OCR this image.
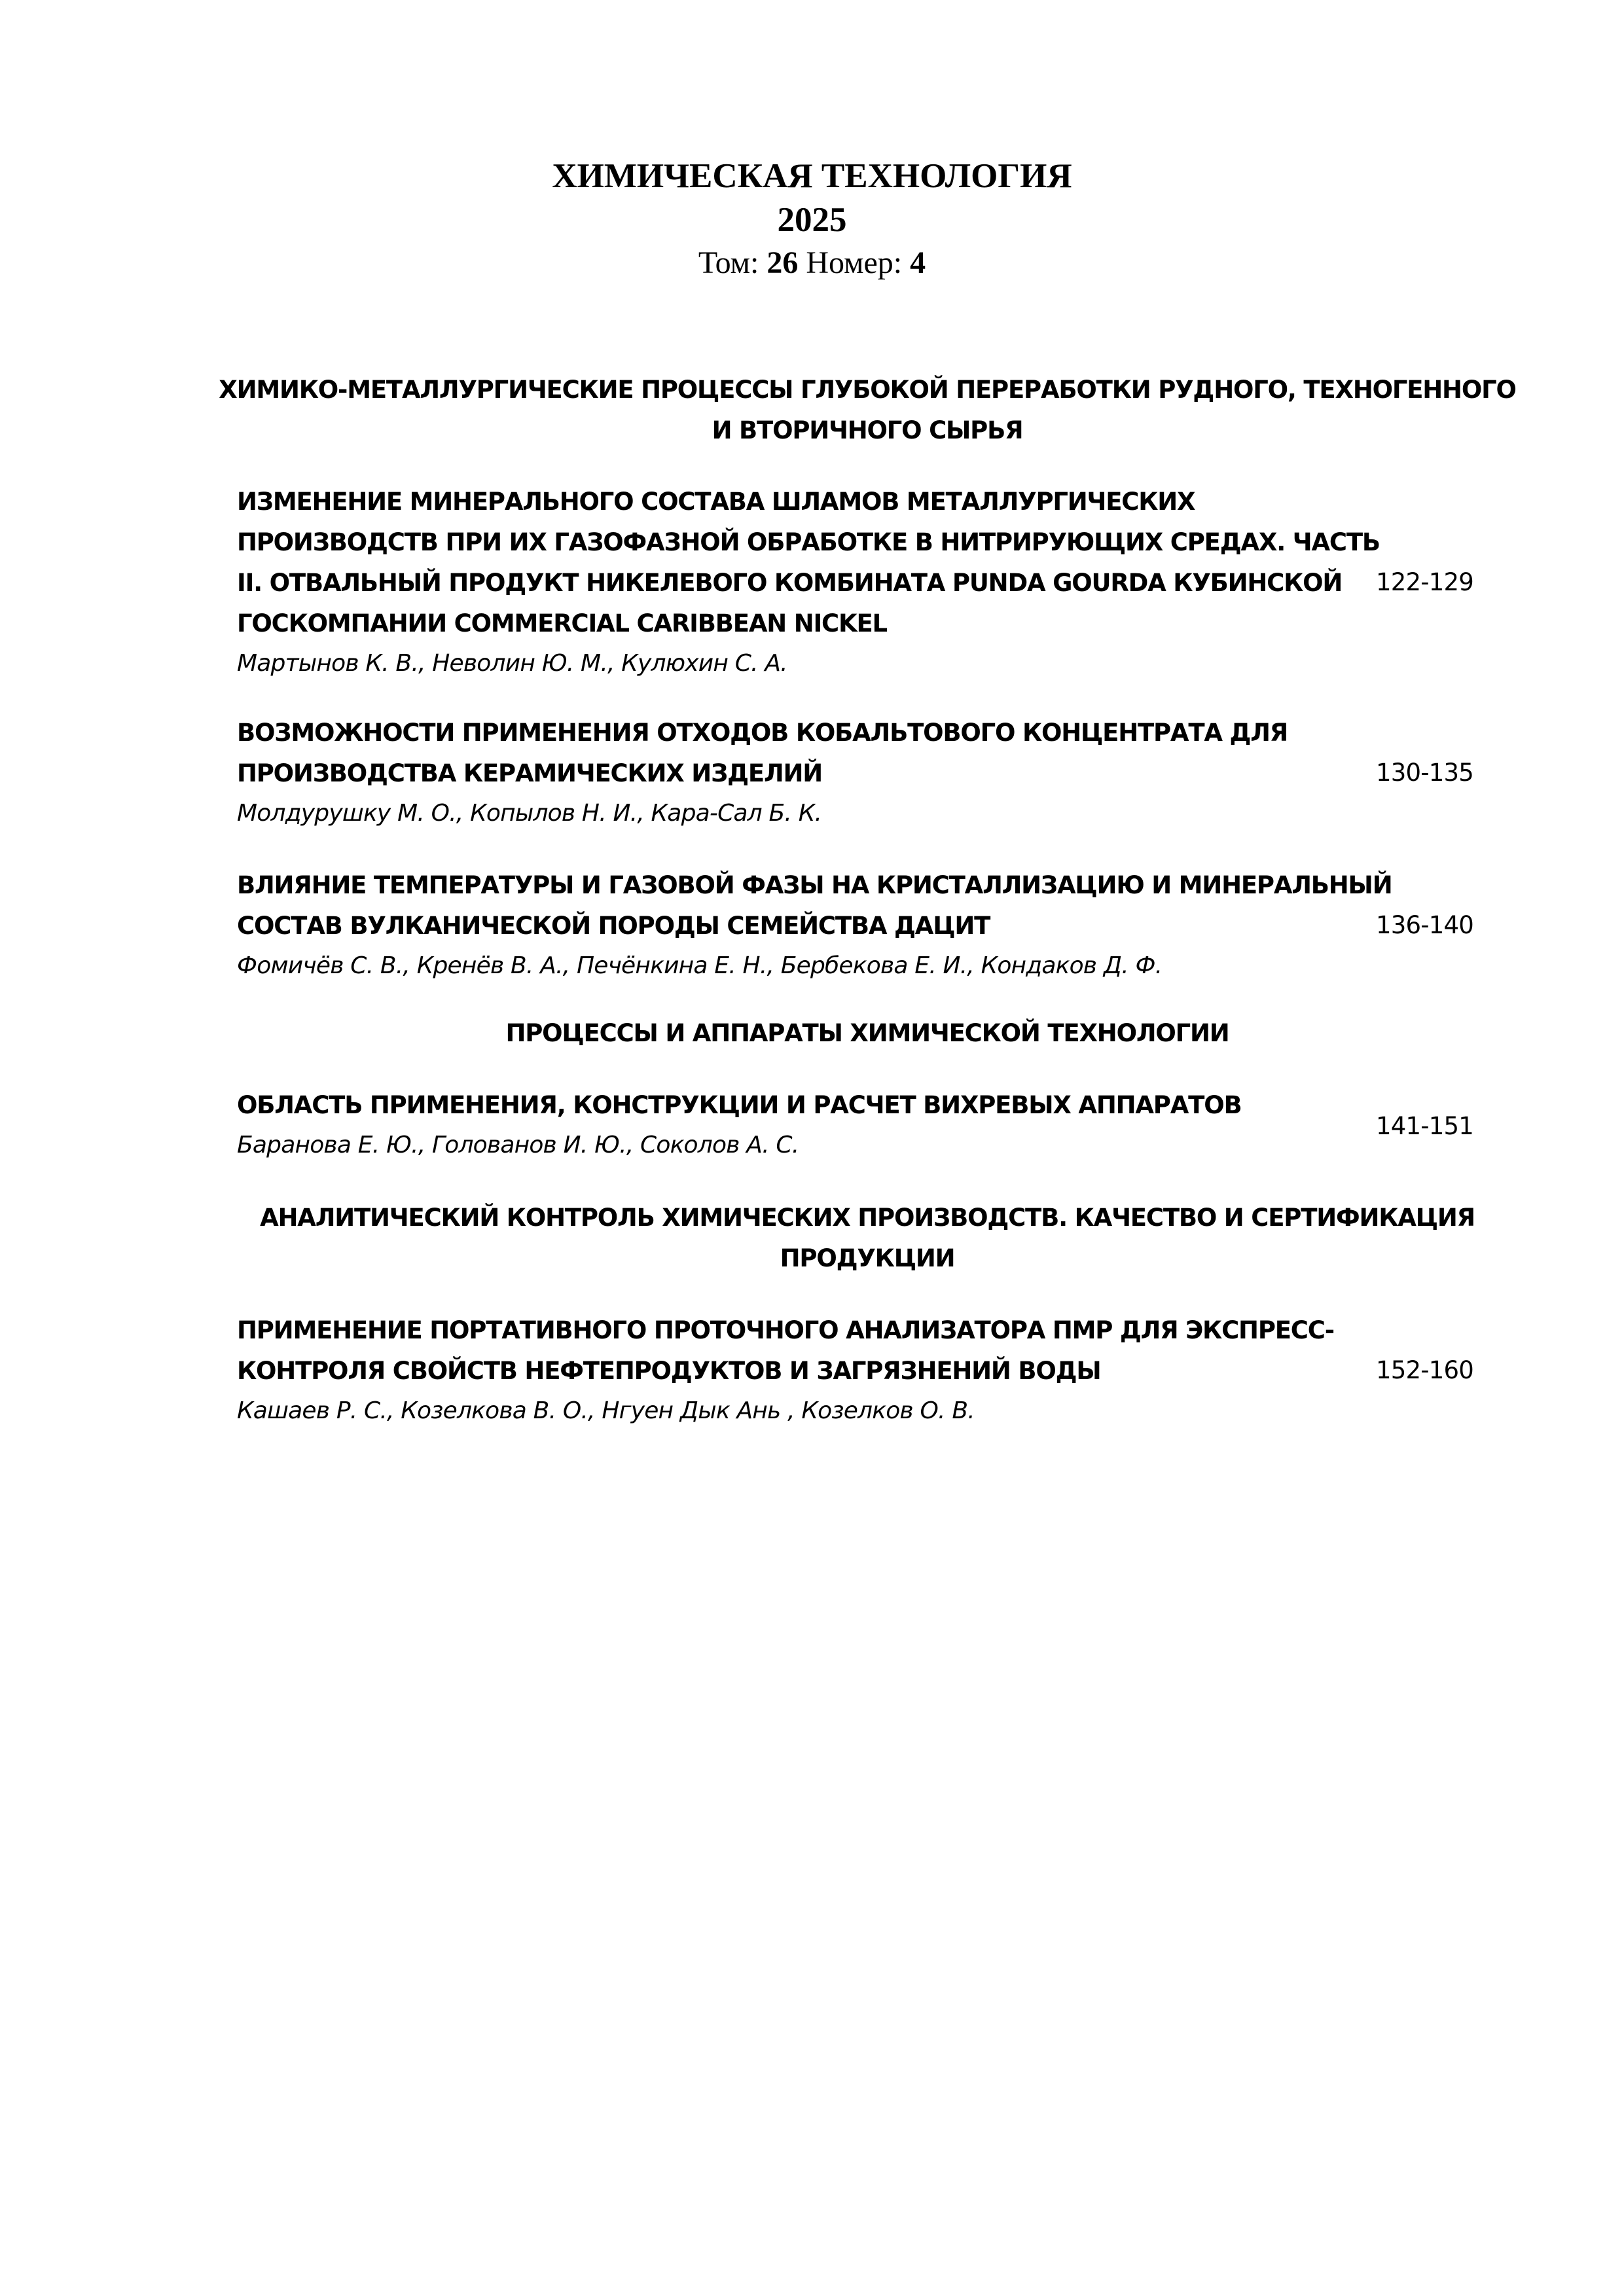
ХИМИЧЕСКАЯ ТЕХНОЛОГИЯ
2025
Том: 26 Номер: 4
ХИМИКО-МЕТАЛЛУРГИЧЕСКИЕ ПРОЦЕССЫ ГЛУБОКОЙ ПЕРЕРАБОТКИ РУДНОГО, ТЕХНОГЕННОГО И ВТОРИЧНОГО СЫРЬЯ
ИЗМЕНЕНИЕ МИНЕРАЛЬНОГО СОСТАВА ШЛАМОВ МЕТАЛЛУРГИЧЕСКИХ ПРОИЗВОДСТВ ПРИ ИХ ГАЗОФАЗНОЙ ОБРАБОТКЕ В НИТРИРУЮЩИХ СРЕДАХ. ЧАСТЬ II. ОТВАЛЬНЫЙ ПРОДУКТ НИКЕЛЕВОГО КОМБИНАТА PUNDA GOURDA КУБИНСКОЙ ГОСКОМПАНИИ COMMERCIAL CARIBBEAN NICKEL
Мартынов К. В., Неволин Ю. М., Кулюхин С. А.
122-129
ВОЗМОЖНОСТИ ПРИМЕНЕНИЯ ОТХОДОВ КОБАЛЬТОВОГО КОНЦЕНТРАТА ДЛЯ ПРОИЗВОДСТВА КЕРАМИЧЕСКИХ ИЗДЕЛИЙ
Молдурушку М. О., Копылов Н. И., Кара-Сал Б. К.
130-135
ВЛИЯНИЕ ТЕМПЕРАТУРЫ И ГАЗОВОЙ ФАЗЫ НА КРИСТАЛЛИЗАЦИЮ И МИНЕРАЛЬНЫЙ СОСТАВ ВУЛКАНИЧЕСКОЙ ПОРОДЫ СЕМЕЙСТВА ДАЦИТ
Фомичёв С. В., Кренёв В. А., Печёнкина Е. Н., Бербекова Е. И., Кондаков Д. Ф.
136-140
ПРОЦЕССЫ И АППАРАТЫ ХИМИЧЕСКОЙ ТЕХНОЛОГИИ
ОБЛАСТЬ ПРИМЕНЕНИЯ, КОНСТРУКЦИИ И РАСЧЕТ ВИХРЕВЫХ АППАРАТОВ
Баранова Е. Ю., Голованов И. Ю., Соколов А. С.
141-151
АНАЛИТИЧЕСКИЙ КОНТРОЛЬ ХИМИЧЕСКИХ ПРОИЗВОДСТВ. КАЧЕСТВО И СЕРТИФИКАЦИЯ ПРОДУКЦИИ
ПРИМЕНЕНИЕ ПОРТАТИВНОГО ПРОТОЧНОГО АНАЛИЗАТОРА ПМР ДЛЯ ЭКСПРЕСС-КОНТРОЛЯ СВОЙСТВ НЕФТЕПРОДУКТОВ И ЗАГРЯЗНЕНИЙ ВОДЫ
Кашаев Р. С., Козелкова В. О., Нгуен Дык Ань , Козелков О. В.
152-160
